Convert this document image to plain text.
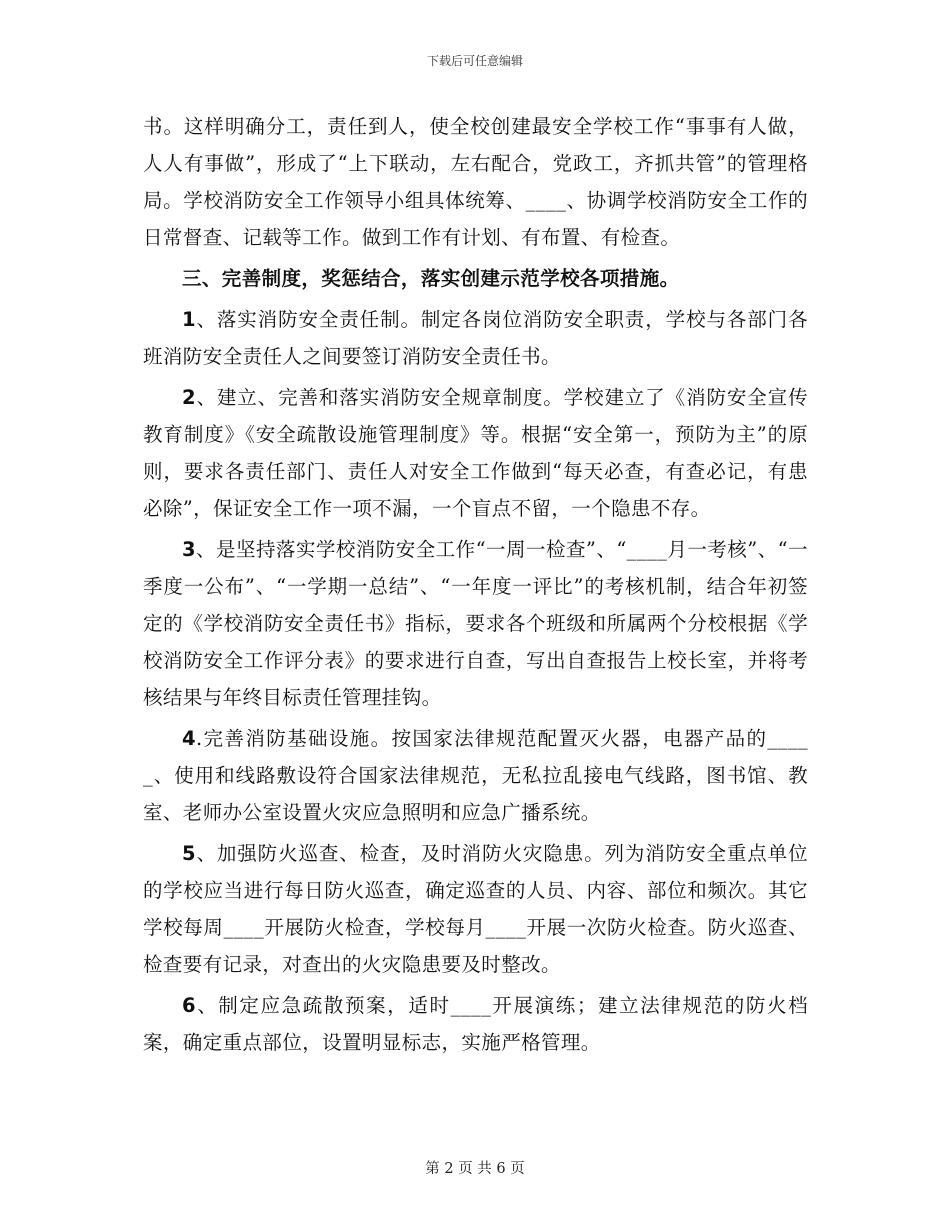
下载后可任意编辑

书。这样明确分工，责任到人，使全校创建最安全学校工作“事事有人做，人人有事做”，形成了“上下联动，左右配合，党政工，齐抓共管”的管理格局。学校消防安全工作领导小组具体统筹、____、协调学校消防安全工作的日常督查、记载等工作。做到工作有计划、有布置、有检查。

三、完善制度，奖惩结合，落实创建示范学校各项措施。

1、落实消防安全责任制。制定各岗位消防安全职责，学校与各部门各班消防安全责任人之间要签订消防安全责任书。

2、建立、完善和落实消防安全规章制度。学校建立了《消防安全宣传教育制度》《安全疏散设施管理制度》等。根据“安全第一，预防为主”的原则，要求各责任部门、责任人对安全工作做到“每天必查，有查必记，有患必除”，保证安全工作一项不漏，一个盲点不留，一个隐患不存。

3、是坚持落实学校消防安全工作“一周一检查”、“____月一考核”、“一季度一公布”、“一学期一总结”、“一年度一评比”的考核机制，结合年初签定的《学校消防安全责任书》指标，要求各个班级和所属两个分校根据《学校消防安全工作评分表》的要求进行自查，写出自查报告上校长室，并将考核结果与年终目标责任管理挂钩。

4.完善消防基础设施。按国家法律规范配置灭火器，电器产品的_____、使用和线路敷设符合国家法律规范，无私拉乱接电气线路，图书馆、教室、老师办公室设置火灾应急照明和应急广播系统。

5、加强防火巡查、检查，及时消防火灾隐患。列为消防安全重点单位的学校应当进行每日防火巡查，确定巡查的人员、内容、部位和频次。其它学校每周____开展防火检查，学校每月____开展一次防火检查。防火巡查、检查要有记录，对查出的火灾隐患要及时整改。

6、制定应急疏散预案，适时____开展演练；建立法律规范的防火档案，确定重点部位，设置明显标志，实施严格管理。

第 2 页 共 6 页
